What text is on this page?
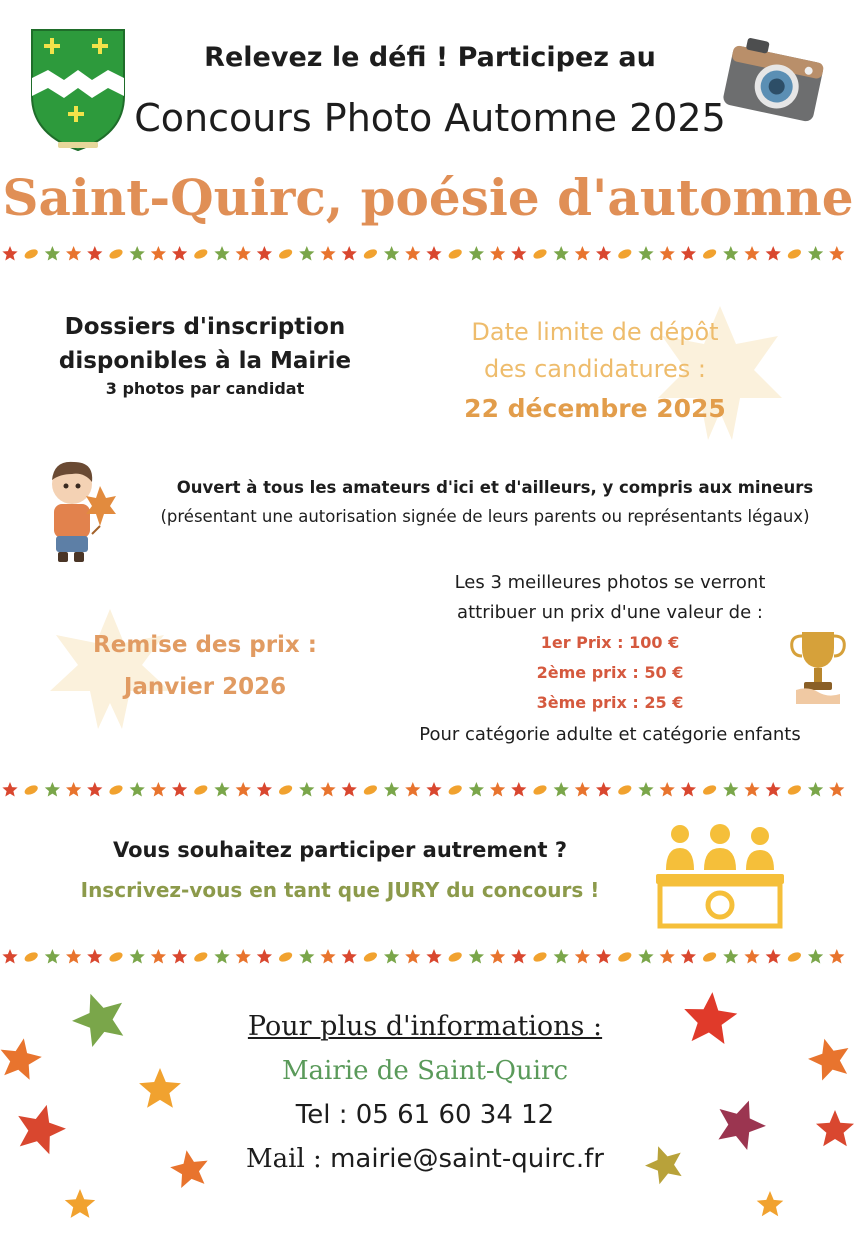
Relevez le défi ! Participez au
Concours Photo Automne 2025
Saint-Quirc, poésie d'automne
Dossiers d'inscription
disponibles à la Mairie
3 photos par candidat
Date limite de dépôt
des candidatures :
22 décembre 2025
Ouvert à tous les amateurs d'ici et d'ailleurs, y compris aux mineurs
(présentant une autorisation signée de leurs parents ou représentants légaux)
Remise des prix :
Janvier 2026
Les 3 meilleures photos se verront
attribuer un prix d'une valeur de :
1er Prix : 100 €
2ème prix : 50 €
3ème prix : 25 €
Pour catégorie adulte et catégorie enfants
Vous souhaitez participer autrement ?
Inscrivez-vous en tant que JURY du concours !
Pour plus d'informations :
Mairie de Saint-Quirc
Tel : 05 61 60 34 12
Mail : mairie@saint-quirc.fr
